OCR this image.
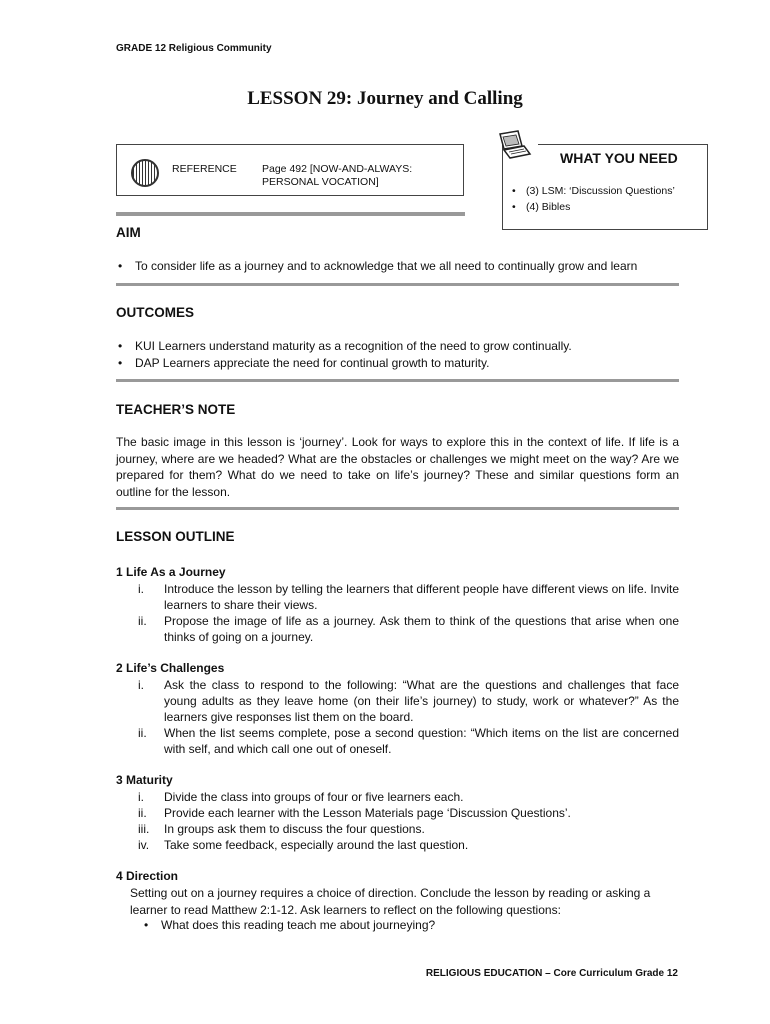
GRADE 12 Religious Community
LESSON 29: Journey and Calling
REFERENCE Page 492 [NOW-AND-ALWAYS: PERSONAL VOCATION]
WHAT YOU NEED
• (3) LSM: ‘Discussion Questions’
• (4) Bibles
AIM
• To consider life as a journey and to acknowledge that we all need to continually grow and learn
OUTCOMES
• KUI Learners understand maturity as a recognition of the need to grow continually.
• DAP Learners appreciate the need for continual growth to maturity.
TEACHER’S NOTE

The basic image in this lesson is ‘journey’. Look for ways to explore this in the context of life. If life is a journey, where are we headed? What are the obstacles or challenges we might meet on the way? Are we prepared for them? What do we need to take on life’s journey? These and similar questions form an outline for the lesson.

LESSON OUTLINE
1 Life As a Journey
i.	Introduce the lesson by telling the learners that different people have different views on life. Invite learners to share their views.
ii.	Propose the image of life as a journey. Ask them to think of the questions that arise when one thinks of going on a journey.
2 Life’s Challenges
i.	Ask the class to respond to the following: “What are the questions and challenges that face young adults as they leave home (on their life’s journey) to study, work or whatever?” As the learners give responses list them on the board.
ii.	When the list seems complete, pose a second question: “Which items on the list are concerned with self, and which call one out of oneself.
3 Maturity
i.	Divide the class into groups of four or five learners each.
ii.	Provide each learner with the Lesson Materials page ‘Discussion Questions’.
iii.	In groups ask them to discuss the four questions.
iv.	Take some feedback, especially around the last question.
4 Direction

Setting out on a journey requires a choice of direction. Conclude the lesson by reading or asking a learner to read Matthew 2:1-12. Ask learners to reflect on the following questions:

• What does this reading teach me about journeying?
RELIGIOUS EDUCATION – Core Curriculum Grade 12
